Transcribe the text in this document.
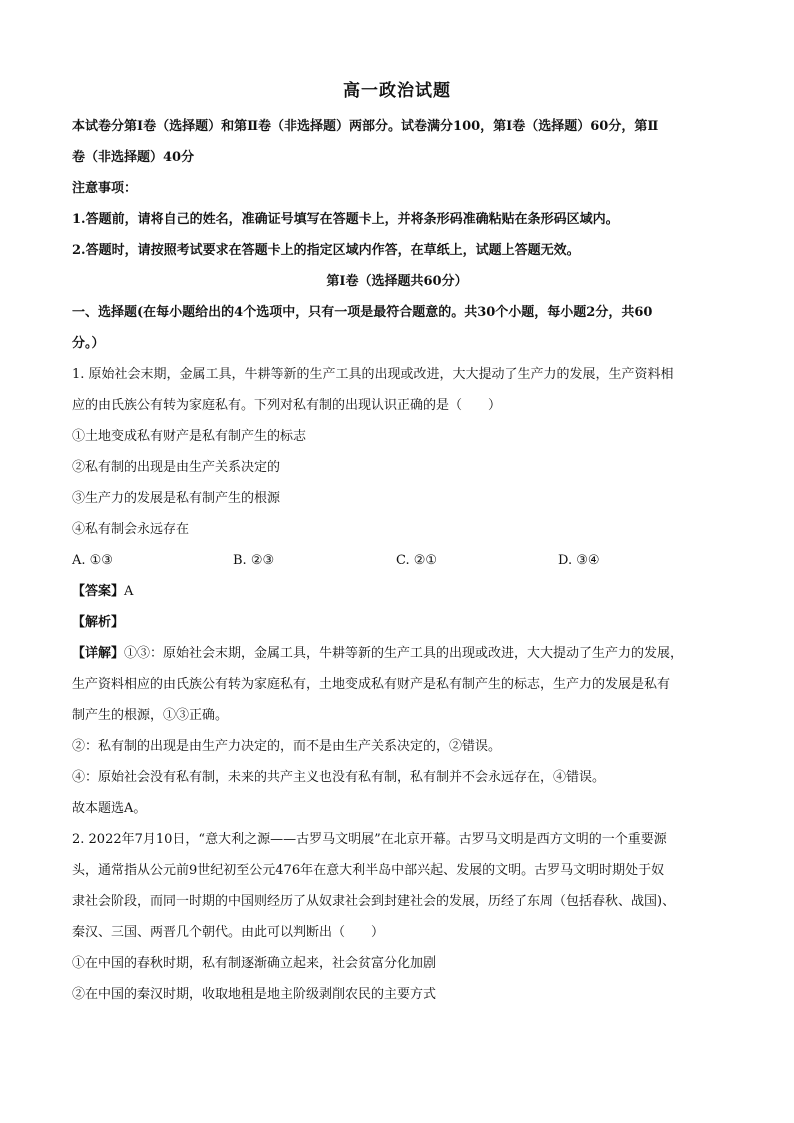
高一政治试题
本试卷分第Ⅰ卷（选择题）和第Ⅱ卷（非选择题）两部分。试卷满分100，第Ⅰ卷（选择题）60分，第Ⅱ
卷（非选择题）40分
注意事项：
1.答题前，请将自己的姓名，准确证号填写在答题卡上，并将条形码准确粘贴在条形码区域内。
2.答题时，请按照考试要求在答题卡上的指定区域内作答，在草纸上，试题上答题无效。
第Ⅰ卷（选择题共60分）
一、选择题(在每小题给出的4个选项中，只有一项是最符合题意的。共30个小题，每小题2分，共60
分。）
1. 原始社会末期，金属工具，牛耕等新的生产工具的出现或改进，大大提动了生产力的发展，生产资料相
应的由氏族公有转为家庭私有。下列对私有制的出现认识正确的是（　　）
①土地变成私有财产是私有制产生的标志
②私有制的出现是由生产关系决定的
③生产力的发展是私有制产生的根源
④私有制会永远存在
A. ①③	B. ②③	C. ②①	D. ③④
【答案】A
【解析】
【详解】①③：原始社会末期，金属工具，牛耕等新的生产工具的出现或改进，大大提动了生产力的发展，
生产资料相应的由氏族公有转为家庭私有，土地变成私有财产是私有制产生的标志，生产力的发展是私有
制产生的根源，①③正确。
②：私有制的出现是由生产力决定的，而不是由生产关系决定的，②错误。
④：原始社会没有私有制，未来的共产主义也没有私有制，私有制并不会永远存在，④错误。
故本题选A。
2. 2022年7月10日，“意大利之源——古罗马文明展”在北京开幕。古罗马文明是西方文明的一个重要源
头，通常指从公元前9世纪初至公元476年在意大利半岛中部兴起、发展的文明。古罗马文明时期处于奴
隶社会阶段，而同一时期的中国则经历了从奴隶社会到封建社会的发展，历经了东周（包括春秋、战国)、
秦汉、三国、两晋几个朝代。由此可以判断出（　　）
①在中国的春秋时期，私有制逐渐确立起来，社会贫富分化加剧
②在中国的秦汉时期，收取地租是地主阶级剥削农民的主要方式
